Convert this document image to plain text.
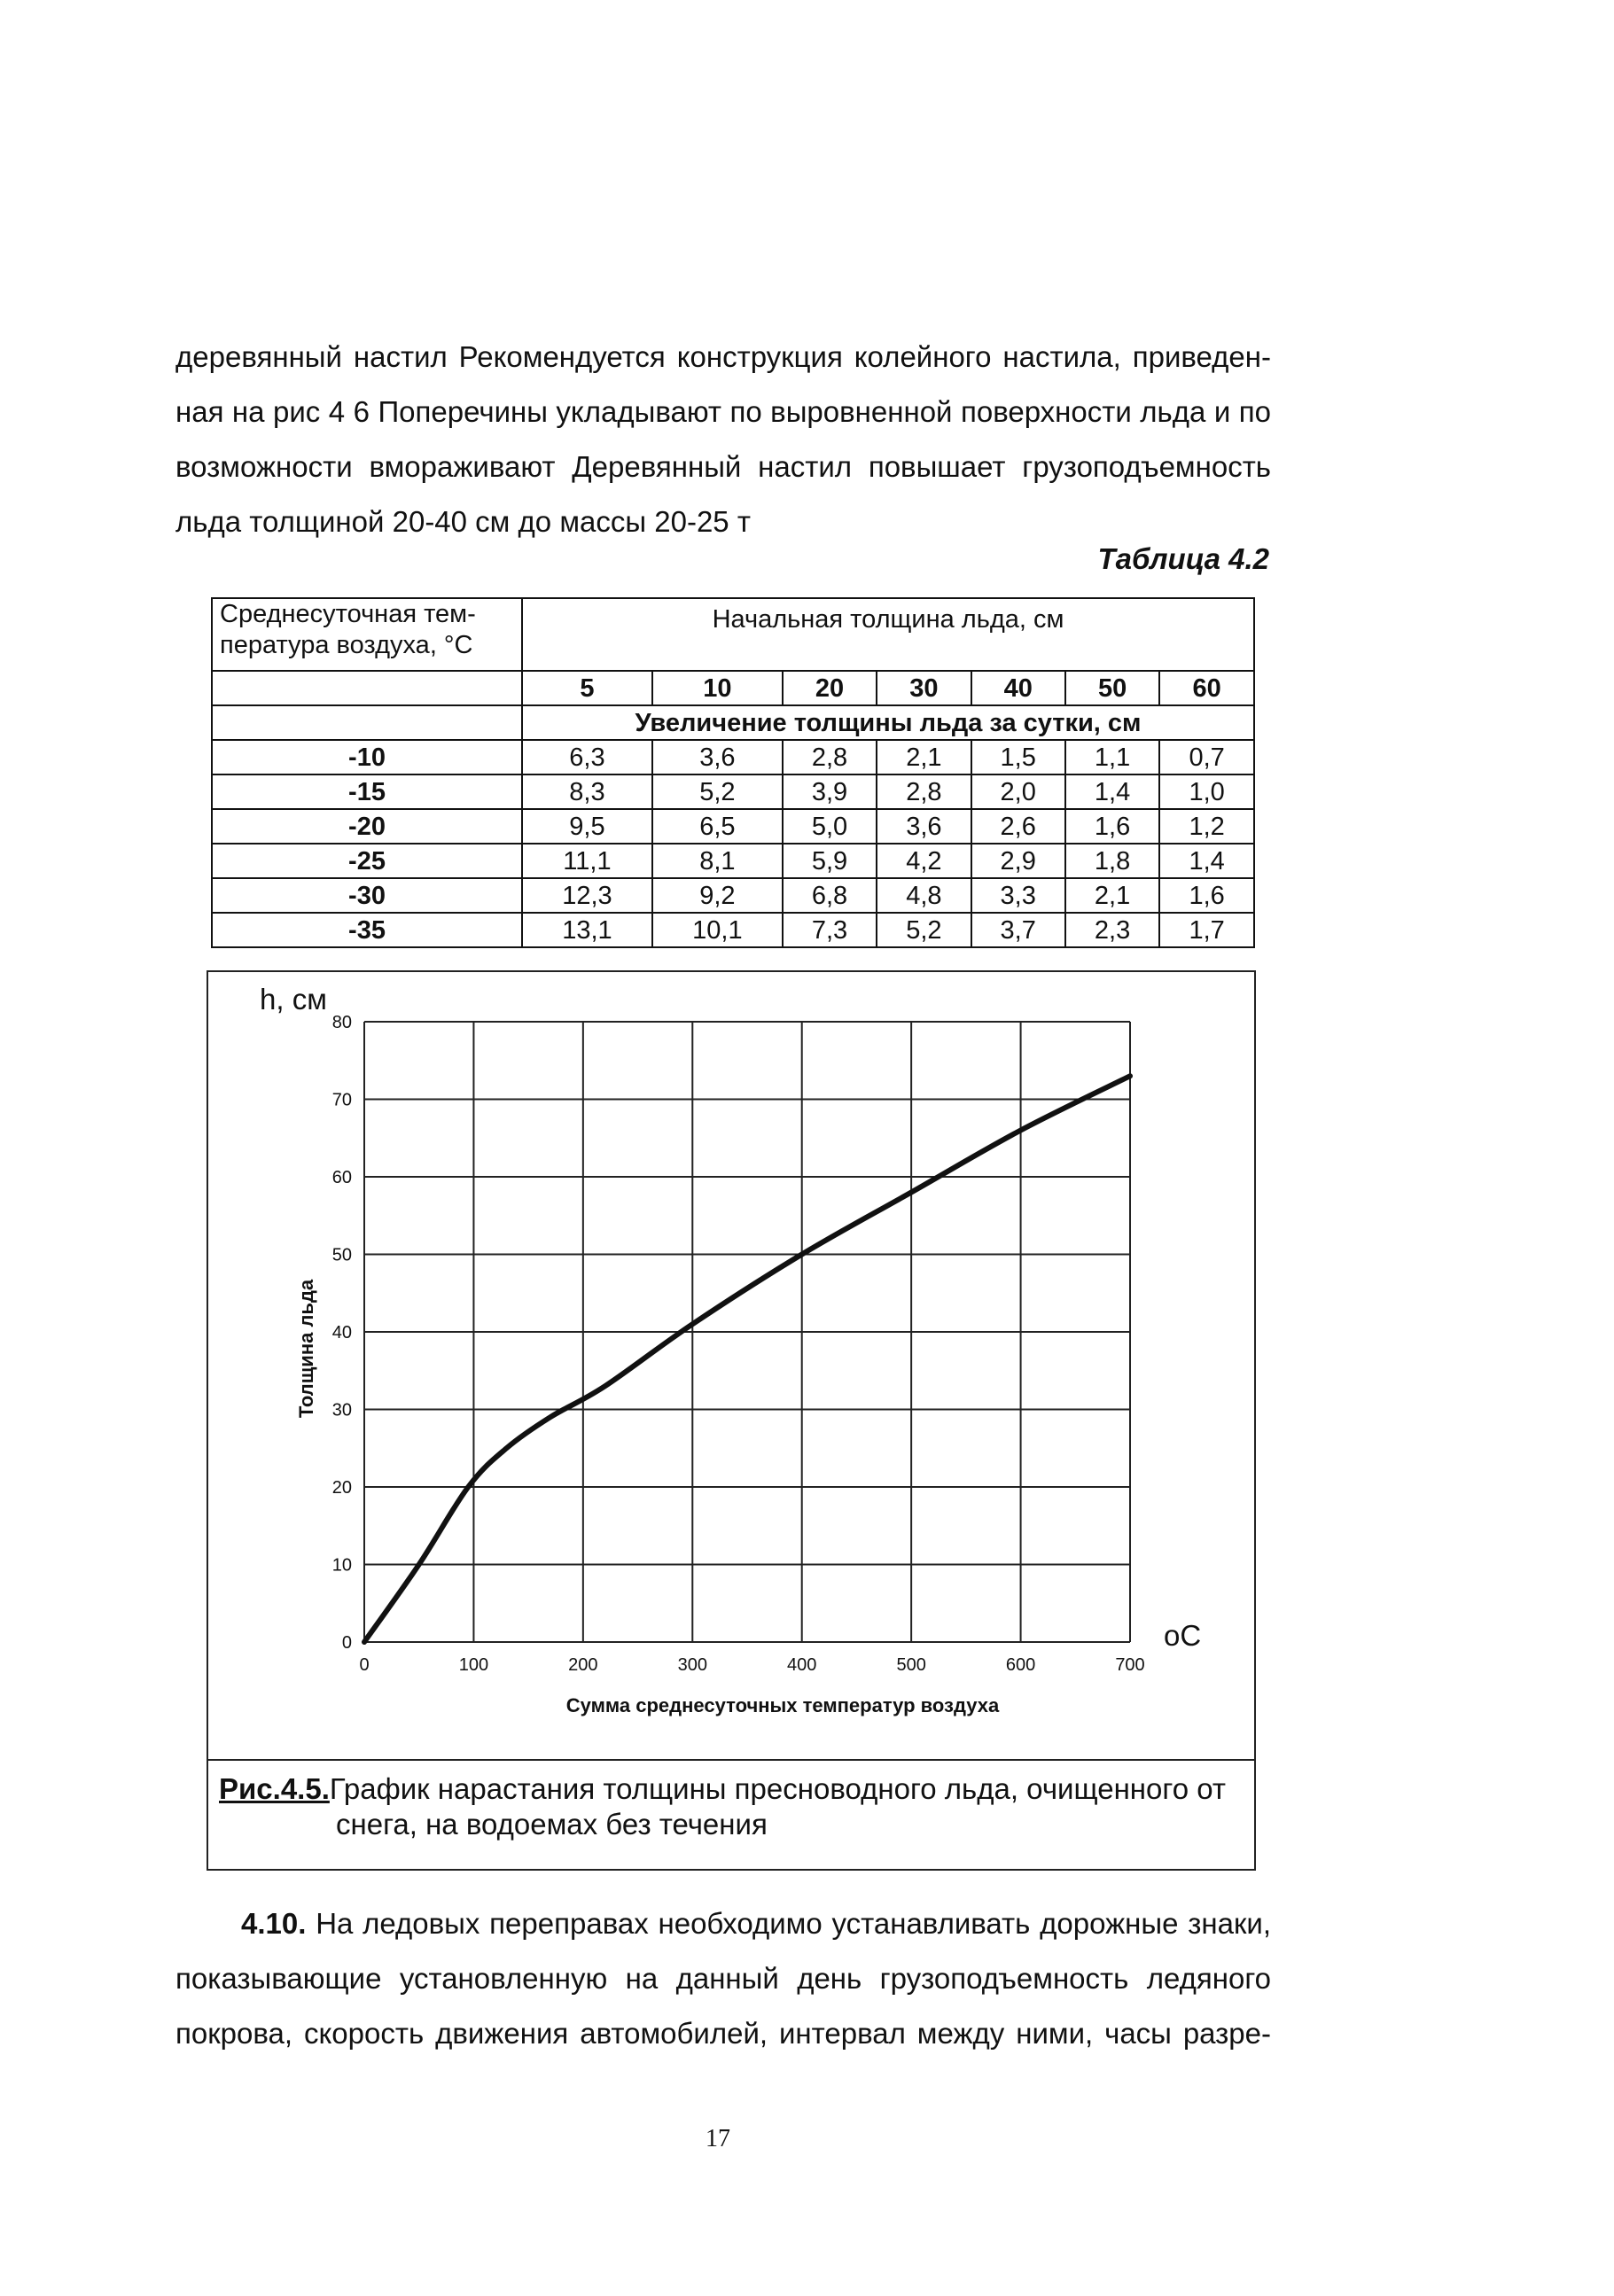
деревянный настил Рекомендуется конструкция колейного настила, приведен-
ная на рис 4 6 Поперечины укладывают по выровненной поверхности льда и по
возможности вмораживают Деревянный настил повышает грузоподъемность
льда толщиной 20-40 см до массы 20-25 т
Таблица 4.2
Среднесуточная тем-пература воздуха, °C	Начальная толщина льда, см						
	5	10	20	30	40	50	60
	Увеличение толщины льда за сутки, см						
-10	6,3	3,6	2,8	2,1	1,5	1,1	0,7
-15	8,3	5,2	3,9	2,8	2,0	1,4	1,0
-20	9,5	6,5	5,0	3,6	2,6	1,6	1,2
-25	11,1	8,1	5,9	4,2	2,9	1,8	1,4
-30	12,3	9,2	6,8	4,8	3,3	2,1	1,6
-35	13,1	10,1	7,3	5,2	3,7	2,3	1,7
h, см
Толщина льда
Сумма среднесуточных температур воздуха
оС
0	100	200	300	400	500	600	700
0
10
20
30
40
50
60
70
80
Рис.4.5.График нарастания толщины пресноводного льда, очищенного от
снега, на водоемах без течения
4.10. На ледовых переправах необходимо устанавливать дорожные знаки,
показывающие установленную на данный день грузоподъемность ледяного
покрова, скорость движения автомобилей, интервал между ними, часы разре-
17
